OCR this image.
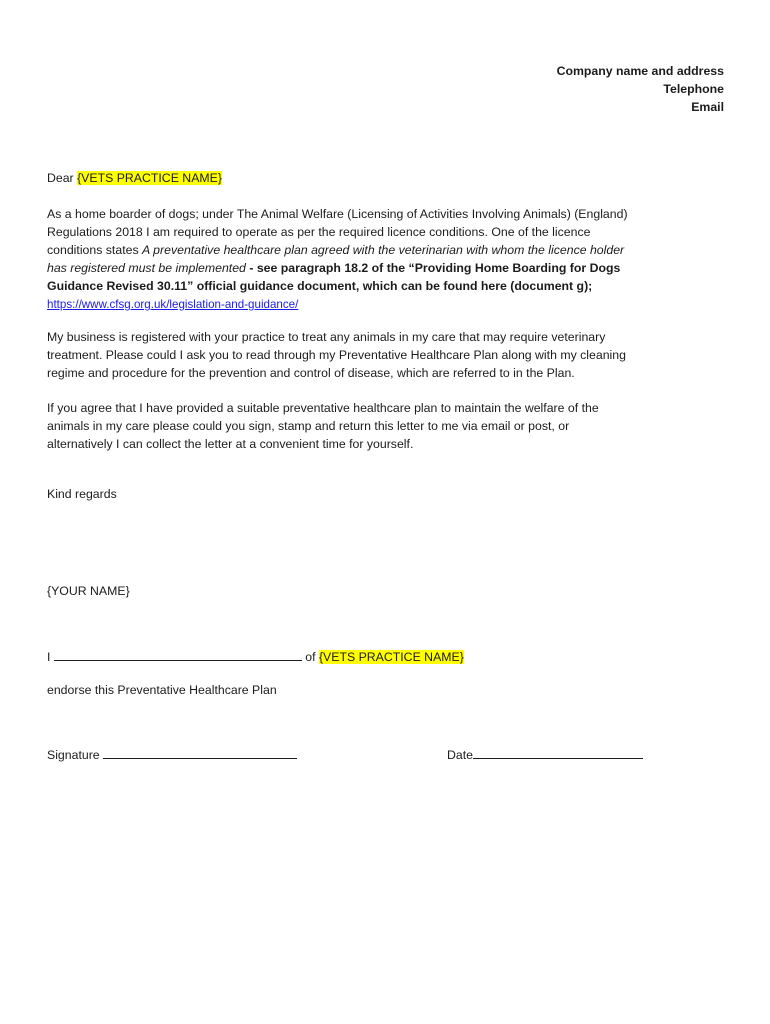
Company name and address
Telephone
Email

Dear {VETS PRACTICE NAME}

As a home boarder of dogs; under The Animal Welfare (Licensing of Activities Involving Animals) (England)
Regulations 2018 I am required to operate as per the required licence conditions. One of the licence
conditions states A preventative healthcare plan agreed with the veterinarian with whom the licence holder
has registered must be implemented - see paragraph 18.2 of the “Providing Home Boarding for Dogs
Guidance Revised 30.11” official guidance document, which can be found here (document g);
https://www.cfsg.org.uk/legislation-and-guidance/
My business is registered with your practice to treat any animals in my care that may require veterinary
treatment. Please could I ask you to read through my Preventative Healthcare Plan along with my cleaning
regime and procedure for the prevention and control of disease, which are referred to in the Plan.
If you agree that I have provided a suitable preventative healthcare plan to maintain the welfare of the
animals in my care please could you sign, stamp and return this letter to me via email or post, or
alternatively I can collect the letter at a convenient time for yourself.
Kind regards
{YOUR NAME}
I	of {VETS PRACTICE NAME}
endorse this Preventative Healthcare Plan
Signature	Date
